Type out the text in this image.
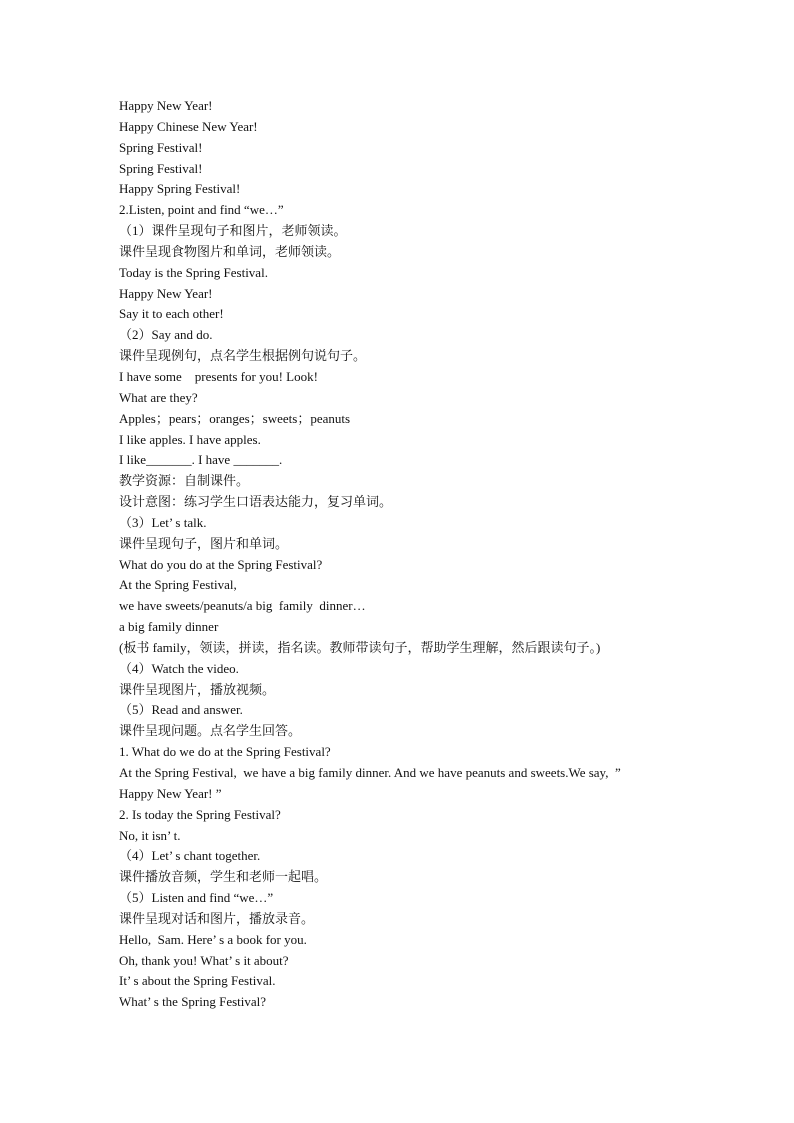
Happy New Year!
Happy Chinese New Year!
Spring Festival!
Spring Festival!
Happy Spring Festival!
2.Listen, point and find “we…”
（1）课件呈现句子和图片，老师领读。
课件呈现食物图片和单词，老师领读。
Today is the Spring Festival.
Happy New Year!
Say it to each other!
（2）Say and do.
课件呈现例句，点名学生根据例句说句子。
I have some    presents for you! Look!
What are they?
Apples；pears；oranges；sweets；peanuts
I like apples. I have apples.
I like_______. I have _______.
教学资源：自制课件。
设计意图：练习学生口语表达能力，复习单词。
（3）Let’ s talk.
课件呈现句子，图片和单词。
What do you do at the Spring Festival?
At the Spring Festival,
we have sweets/peanuts/a big  family  dinner…
a big family dinner
(板书 family，领读，拼读，指名读。教师带读句子，帮助学生理解，然后跟读句子。)
（4）Watch the video.
课件呈现图片，播放视频。
（5）Read and answer.
课件呈现问题。点名学生回答。
1. What do we do at the Spring Festival?
At the Spring Festival,  we have a big family dinner. And we have peanuts and sweets.We say,  ”
Happy New Year! ”
2. Is today the Spring Festival?
No, it isn’ t.
（4）Let’ s chant together.
课件播放音频，学生和老师一起唱。
（5）Listen and find “we…”
课件呈现对话和图片，播放录音。
Hello,  Sam. Here’ s a book for you.
Oh, thank you! What’ s it about?
It’ s about the Spring Festival.
What’ s the Spring Festival?
